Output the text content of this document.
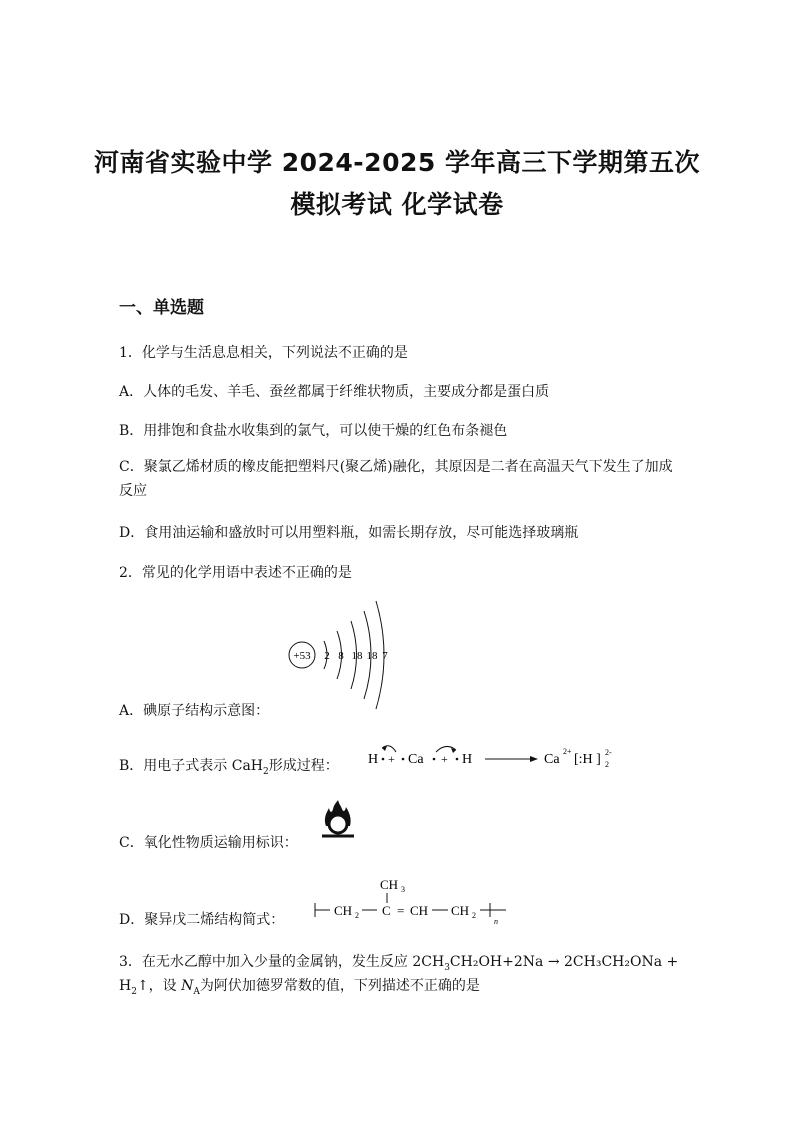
河南省实验中学 2024-2025 学年高三下学期第五次
模拟考试 化学试卷
一、单选题
1．化学与生活息息相关，下列说法不正确的是
A．人体的毛发、羊毛、蚕丝都属于纤维状物质，主要成分都是蛋白质
B．用排饱和食盐水收集到的氯气，可以使干燥的红色布条褪色
C．聚氯乙烯材质的橡皮能把塑料尺(聚乙烯)融化，其原因是二者在高温天气下发生了加成反应
D．食用油运输和盛放时可以用塑料瓶，如需长期存放，尽可能选择玻璃瓶
2．常见的化学用语中表述不正确的是
+53 2 8 18 18 7
A．碘原子结构示意图：
B．用电子式表示 CaH$_2$形成过程： H + Ca + H	Ca
2+
[:H ] 2
2-
C．氧化性物质运输用标识：
D．聚异戊二烯结构简式：
CH 3
CH 2 C = CH CH 2
n
3．在无水乙醇中加入少量的金属钠，发生反应 $2CH_3CH_2OH+2Na \to 2CH_3CH_2ONa$ +
$H_2↑$，设 $N_A$为阿伏加德罗常数的值，下列描述不正确的是
